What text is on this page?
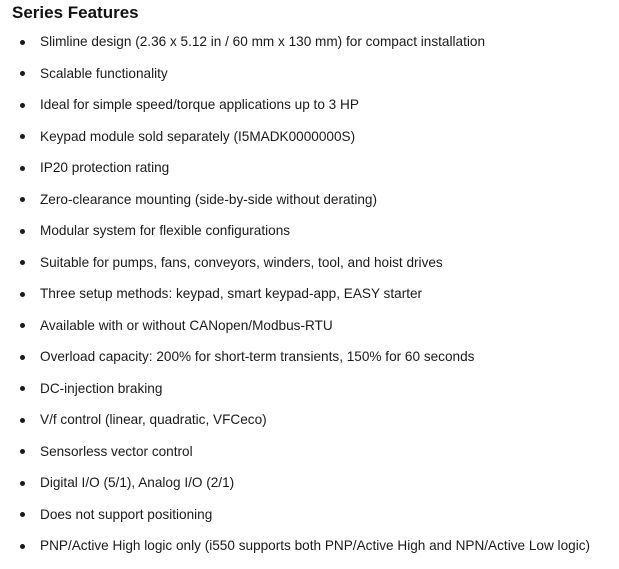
Series Features
Slimline design (2.36 x 5.12 in / 60 mm x 130 mm) for compact installation
Scalable functionality
Ideal for simple speed/torque applications up to 3 HP
Keypad module sold separately (I5MADK0000000S)
IP20 protection rating
Zero-clearance mounting (side-by-side without derating)
Modular system for flexible configurations
Suitable for pumps, fans, conveyors, winders, tool, and hoist drives
Three setup methods: keypad, smart keypad-app, EASY starter
Available with or without CANopen/Modbus-RTU
Overload capacity: 200% for short-term transients, 150% for 60 seconds
DC-injection braking
V/f control (linear, quadratic, VFCeco)
Sensorless vector control
Digital I/O (5/1), Analog I/O (2/1)
Does not support positioning
PNP/Active High logic only (i550 supports both PNP/Active High and NPN/Active Low logic)
